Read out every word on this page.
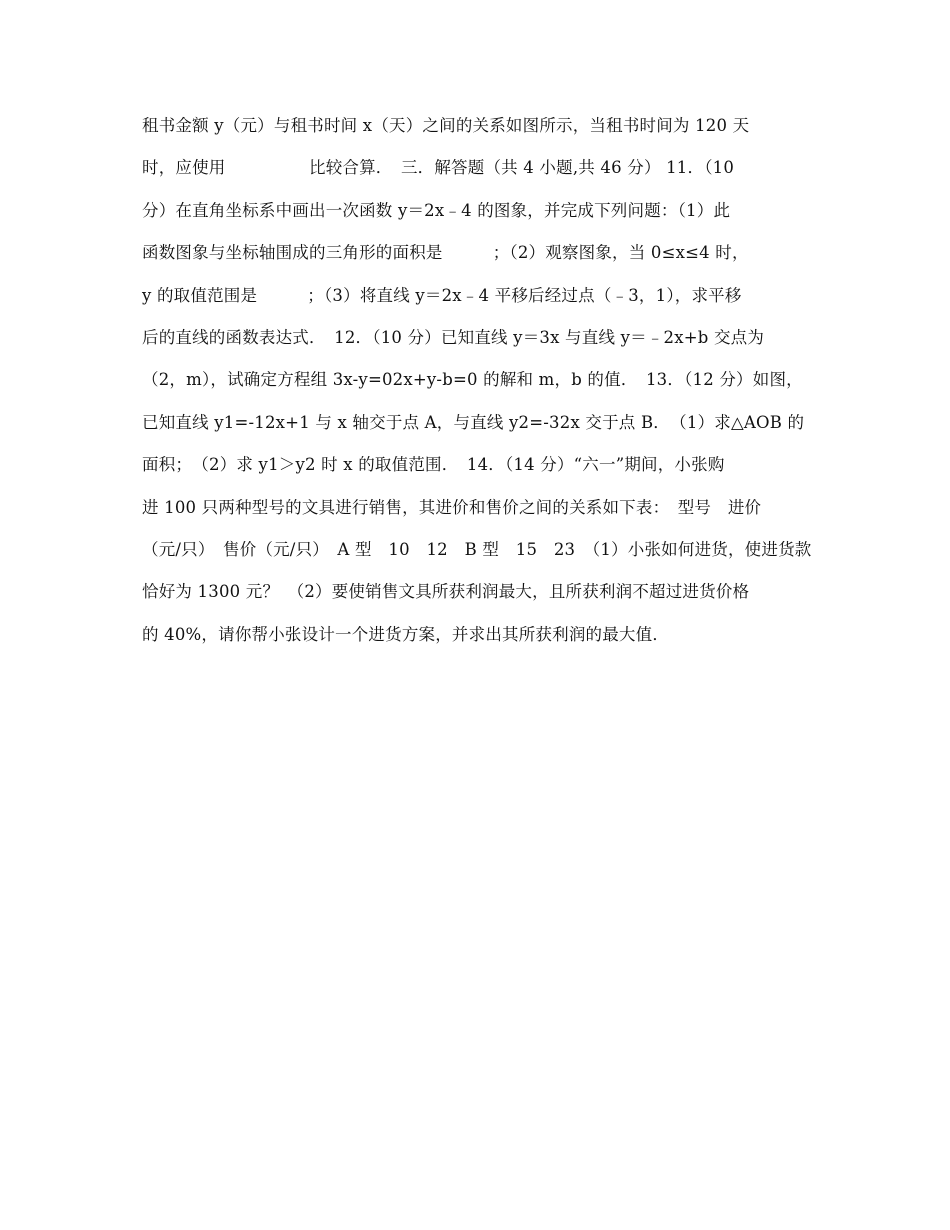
租书金额 y（元）与租书时间 x（天）之间的关系如图所示，当租书时间为 120 天
时，应使用　　　　　比较合算．　三．解答题（共 4 小题,共 46 分） 11．（10
分）在直角坐标系中画出一次函数 y＝2x﹣4 的图象，并完成下列问题：（1）此
函数图象与坐标轴围成的三角形的面积是　　　；（2）观察图象，当 0≤x≤4 时，
y 的取值范围是　　　；（3）将直线 y＝2x﹣4 平移后经过点（﹣3，1），求平移
后的直线的函数表达式．　12．（10 分）已知直线 y＝3x 与直线 y＝﹣2x+b 交点为
（2，m），试确定方程组 3x-y=02x+y-b=0 的解和 m，b 的值．　13．（12 分）如图，
已知直线 y1=-12x+1 与 x 轴交于点 A，与直线 y2=-32x 交于点 B．　（1）求△AOB 的
面积；　（2）求 y1＞y2 时 x 的取值范围．　14．（14 分）“六一”期间，小张购
进 100 只两种型号的文具进行销售，其进价和售价之间的关系如下表：　型号　进价
（元/只）　售价（元/只）　A 型　10　12　B 型　15　23　（1）小张如何进货，使进货款
恰好为 1300 元？　（2）要使销售文具所获利润最大，且所获利润不超过进货价格
的 40%，请你帮小张设计一个进货方案，并求出其所获利润的最大值．
